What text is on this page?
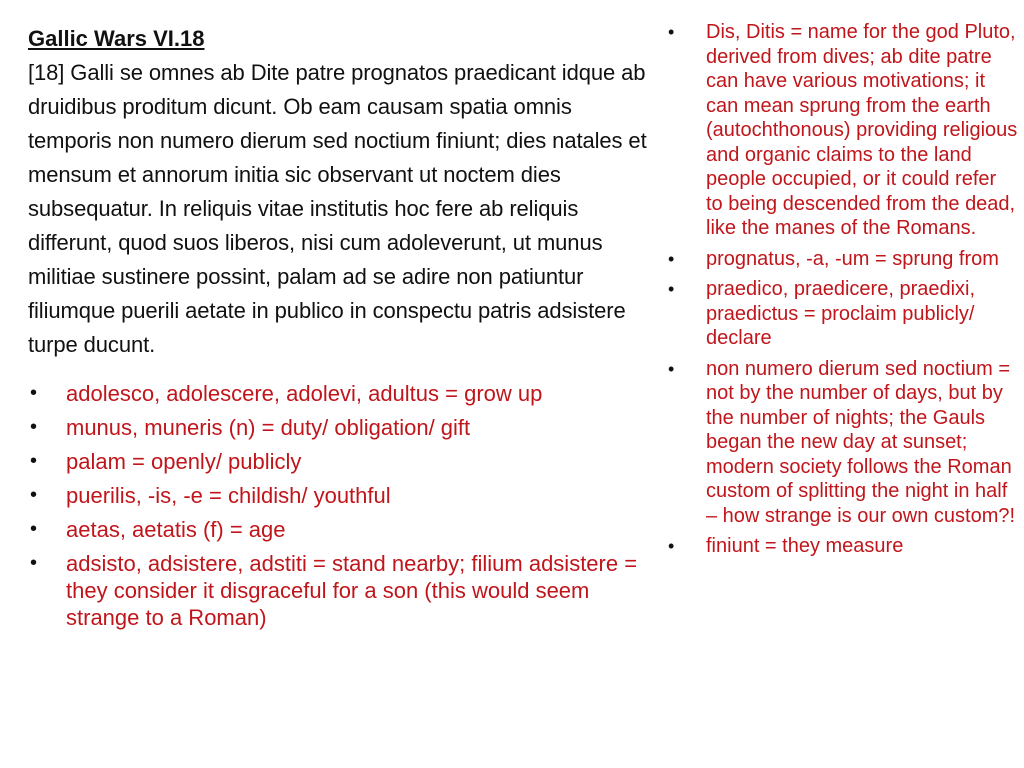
Gallic Wars VI.18

[18] Galli se omnes ab Dite patre prognatos praedicant idque ab druidibus proditum dicunt. Ob eam causam spatia omnis temporis non numero dierum sed noctium finiunt; dies natales et mensum et annorum initia sic observant ut noctem dies subsequatur. In reliquis vitae institutis hoc fere ab reliquis differunt, quod suos liberos, nisi cum adoleverunt, ut munus militiae sustinere possint, palam ad se adire non patiuntur filiumque puerili aetate in publico in conspectu patris adsistere turpe ducunt.

• adolesco, adolescere, adolevi, adultus = grow up
• munus, muneris (n) = duty/ obligation/ gift
• palam = openly/ publicly
• puerilis, -is, -e = childish/ youthful
• aetas, aetatis (f) = age
• adsisto, adsistere, adstiti = stand nearby; filium adsistere = they consider it disgraceful for a son (this would seem strange to a Roman)
• Dis, Ditis = name for the god Pluto, derived from dives; ab dite patre can have various motivations; it can mean sprung from the earth (autochthonous) providing religious and organic claims to the land people occupied, or it could refer to being descended from the dead, like the manes of the Romans.
• prognatus, -a, -um = sprung from
• praedico, praedicere, praedixi, praedictus = proclaim publicly/ declare
• non numero dierum sed noctium = not by the number of days, but by the number of nights; the Gauls began the new day at sunset; modern society follows the Roman custom of splitting the night in half – how strange is our own custom?!
• finiunt = they measure
